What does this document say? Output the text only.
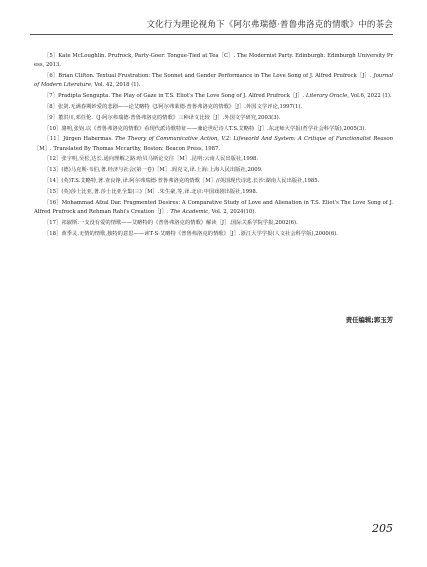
文化行为理论视角下《阿尔弗瑞德·普鲁弗洛克的情歌》中的茶会

［5］Kate McLoughlin. Prufrock, Party-Goer: Tongue-Tied at Tea［C］. The Modernist Party. Edinburgh: Edinburgh University Press, 2013.

［6］Brian Clifton. Textual Frustration: The Sonnet and Gender Performance in The Love Song of J. Alfred Prufrock［J］. Journal of Modern Literature, Vol. 42, 2018 (1).

［7］Pradipta Sengupta. The Play of Gaze in T.S. Eliot's The Love Song of J. Alfred Prufrock［J］. Literary Oracle, Vol.6, 2022 (1).

［8］张剑.无满春期妙爱的悲剧——论艾略特《J.阿尔弗莱德·普鲁弗洛克的情歌》［J］.外国文学评论,1997(1).

［9］董洪川,邓任伦.《J·阿尔弗瑞德·普鲁弗洛克的情歌》三种译文比较［J］.外国文学研究,2003(3).

［10］骆明,张钧.以《普鲁弗洛克的情歌》看现代派诗歌特征——兼论世纪诗人T.S.艾略特［J］.东北师大学报(哲学社会科学版),2005(3).

［11］Jürgen Habermas. The Theory of Communicative Action, V.2: Lifeworld And System: A Critique of Functionalist Reason［M］. Translated By Thomas Mccarthy, Boston: Beacon Press, 1987.

［12］张宇明,吴松,达长.通向理解之路:哈贝马斯论交往［M］.昆明:云南人民出版社,1998.

［13］(德)马克斯·韦伯,著.经济与社会(第一卷)［M］.阎克文,译.上海:上海人民出版社,2009.

［14］(英)T.S.艾略特,著.查良铮,译.阿尔弗瑞德·普鲁弗洛克的情歌［M］//英国现代诗选.长沙:湖南人民出版社,1985.

［15］(英)莎士比亚,著.莎士比亚全集(三)［M］.朱生豪,等,译.北京:中国戏剧出版社,1998.

［16］Mohammad Afzal Dar. Fragmented Desires: A Comparative Study of Love and Alienation in T.S. Eliot's The Love Song of J. Alfred Prufrock and Rehman Rahi's Creation［J］. The Academic, Vol. 2, 2024(10).

［17］祁淑斯.一支没有爱的情歌——艾略特的《普鲁弗洛克的情歌》解读［J］.国际关系学院学报,2002(6).

［18］黄季灵.无情的情歌,独特的意思——读T·S·艾略特《普鲁弗洛克的情歌》［J］.浙江大学学报(人文社会科学版),2000(6).

责任编辑;郭玉芳
205
